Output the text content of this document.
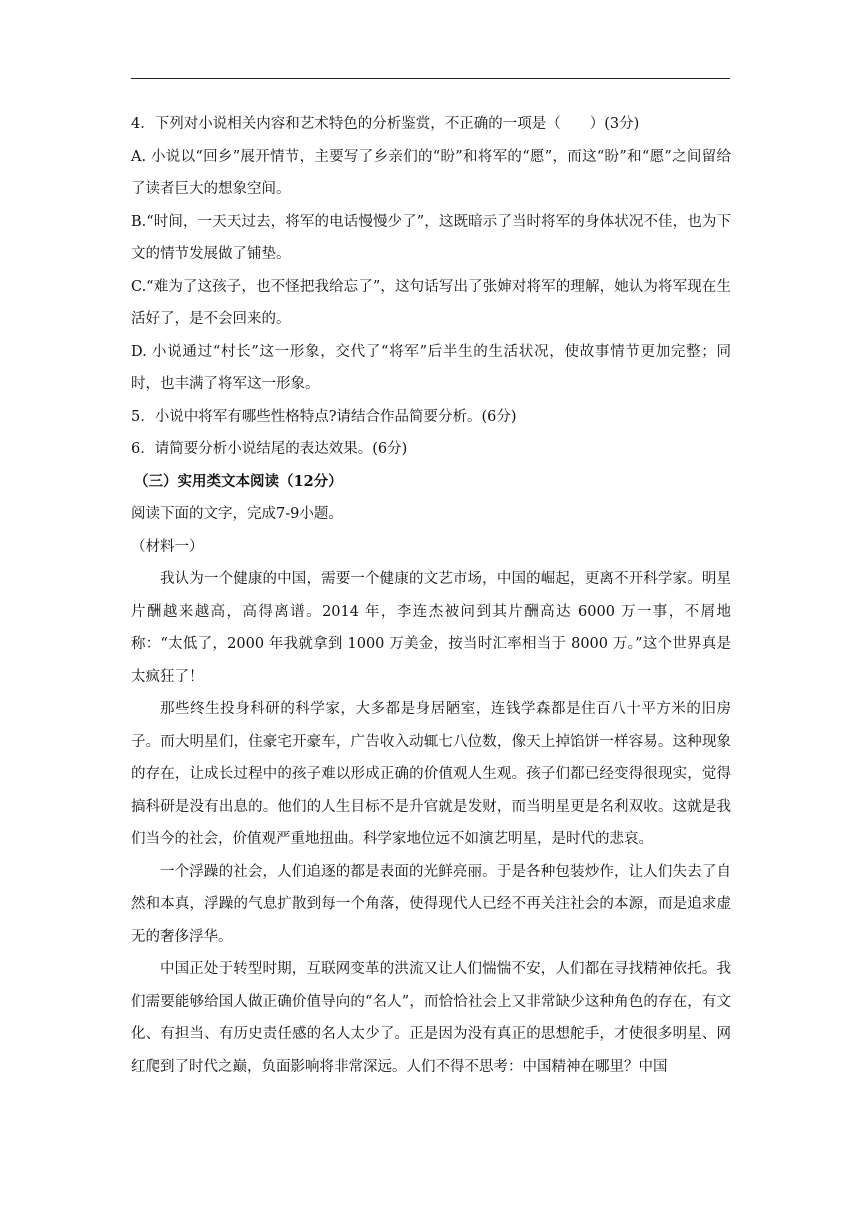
4．下列对小说相关内容和艺术特色的分析鉴赏，不正确的一项是（　　）(3分)

A. 小说以“回乡”展开情节，主要写了乡亲们的“盼”和将军的“愿”，而这“盼”和“愿”之间留给了读者巨大的想象空间。

B.“时间，一天天过去，将军的电话慢慢少了”，这既暗示了当时将军的身体状况不佳，也为下文的情节发展做了铺垫。

C.“难为了这孩子，也不怪把我给忘了”，这句话写出了张婶对将军的理解，她认为将军现在生活好了，是不会回来的。

D. 小说通过“村长”这一形象，交代了“将军”后半生的生活状况，使故事情节更加完整；同时，也丰满了将军这一形象。

5．小说中将军有哪些性格特点?请结合作品简要分析。(6分)

6．请简要分析小说结尾的表达效果。(6分)

（三）实用类文本阅读（12分）

阅读下面的文字，完成7-9小题。

（材料一）

我认为一个健康的中国，需要一个健康的文艺市场，中国的崛起，更离不开科学家。明星片酬越来越高，高得离谱。2014 年，李连杰被问到其片酬高达 6000 万一事，不屑地称：“太低了，2000 年我就拿到 1000 万美金，按当时汇率相当于 8000 万。”这个世界真是太疯狂了！

那些终生投身科研的科学家，大多都是身居陋室，连钱学森都是住百八十平方米的旧房子。而大明星们，住豪宅开豪车，广告收入动辄七八位数，像天上掉馅饼一样容易。这种现象的存在，让成长过程中的孩子难以形成正确的价值观人生观。孩子们都已经变得很现实，觉得搞科研是没有出息的。他们的人生目标不是升官就是发财，而当明星更是名利双收。这就是我们当今的社会，价值观严重地扭曲。科学家地位远不如演艺明星，是时代的悲哀。

一个浮躁的社会，人们追逐的都是表面的光鲜亮丽。于是各种包装炒作，让人们失去了自然和本真，浮躁的气息扩散到每一个角落，使得现代人已经不再关注社会的本源，而是追求虚无的奢侈浮华。

中国正处于转型时期，互联网变革的洪流又让人们惴惴不安，人们都在寻找精神依托。我们需要能够给国人做正确价值导向的“名人”，而恰恰社会上又非常缺少这种角色的存在，有文化、有担当、有历史责任感的名人太少了。正是因为没有真正的思想舵手，才使很多明星、网红爬到了时代之巅，负面影响将非常深远。人们不得不思考：中国精神在哪里？中国
